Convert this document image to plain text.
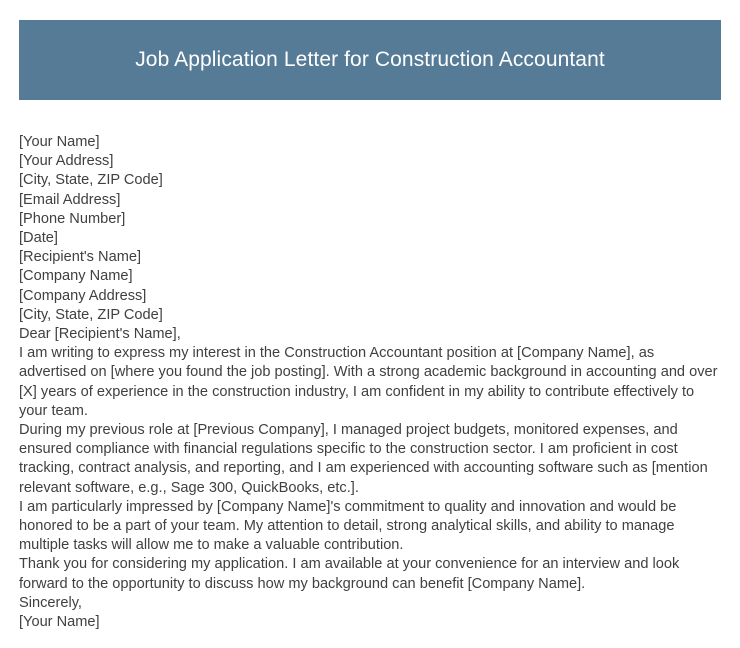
Job Application Letter for Construction Accountant
[Your Name]
[Your Address]
[City, State, ZIP Code]
[Email Address]
[Phone Number]
[Date]
[Recipient's Name]
[Company Name]
[Company Address]
[City, State, ZIP Code]

Dear [Recipient's Name],

I am writing to express my interest in the Construction Accountant position at [Company Name], as advertised on [where you found the job posting]. With a strong academic background in accounting and over [X] years of experience in the construction industry, I am confident in my ability to contribute effectively to your team.

During my previous role at [Previous Company], I managed project budgets, monitored expenses, and ensured compliance with financial regulations specific to the construction sector. I am proficient in cost tracking, contract analysis, and reporting, and I am experienced with accounting software such as [mention relevant software, e.g., Sage 300, QuickBooks, etc.].

I am particularly impressed by [Company Name]'s commitment to quality and innovation and would be honored to be a part of your team. My attention to detail, strong analytical skills, and ability to manage multiple tasks will allow me to make a valuable contribution.

Thank you for considering my application. I am available at your convenience for an interview and look forward to the opportunity to discuss how my background can benefit [Company Name].

Sincerely,
[Your Name]
